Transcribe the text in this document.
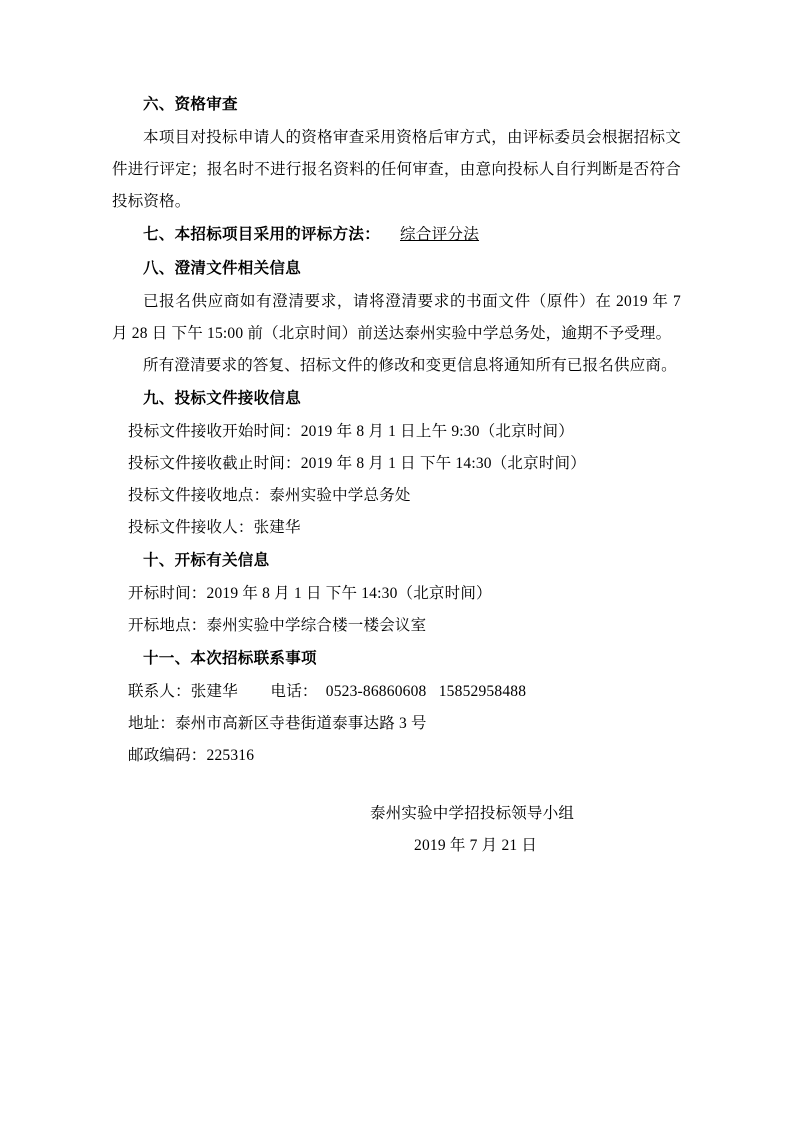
六、资格审查

本项目对投标申请人的资格审查采用资格后审方式，由评标委员会根据招标文件进行评定；报名时不进行报名资料的任何审查，由意向投标人自行判断是否符合投标资格。

七、本招标项目采用的评标方法： 综合评分法
八、澄清文件相关信息

已报名供应商如有澄清要求，请将澄清要求的书面文件（原件）在 2019 年 7 月 28 日 下午 15:00 前（北京时间）前送达泰州实验中学总务处，逾期不予受理。

所有澄清要求的答复、招标文件的修改和变更信息将通知所有已报名供应商。

九、投标文件接收信息

投标文件接收开始时间：2019 年 8 月 1 日上午 9:30（北京时间）

投标文件接收截止时间：2019 年 8 月 1 日 下午 14:30（北京时间）

投标文件接收地点：泰州实验中学总务处

投标文件接收人：张建华

十、开标有关信息

开标时间：2019 年 8 月 1 日 下午 14:30（北京时间）

开标地点：泰州实验中学综合楼一楼会议室

十一、本次招标联系事项

联系人：张建华        电话：  0523-86860608   15852958488

地址：泰州市高新区寺巷街道泰事达路 3 号

邮政编码：225316

泰州实验中学招投标领导小组

2019 年 7 月 21 日
